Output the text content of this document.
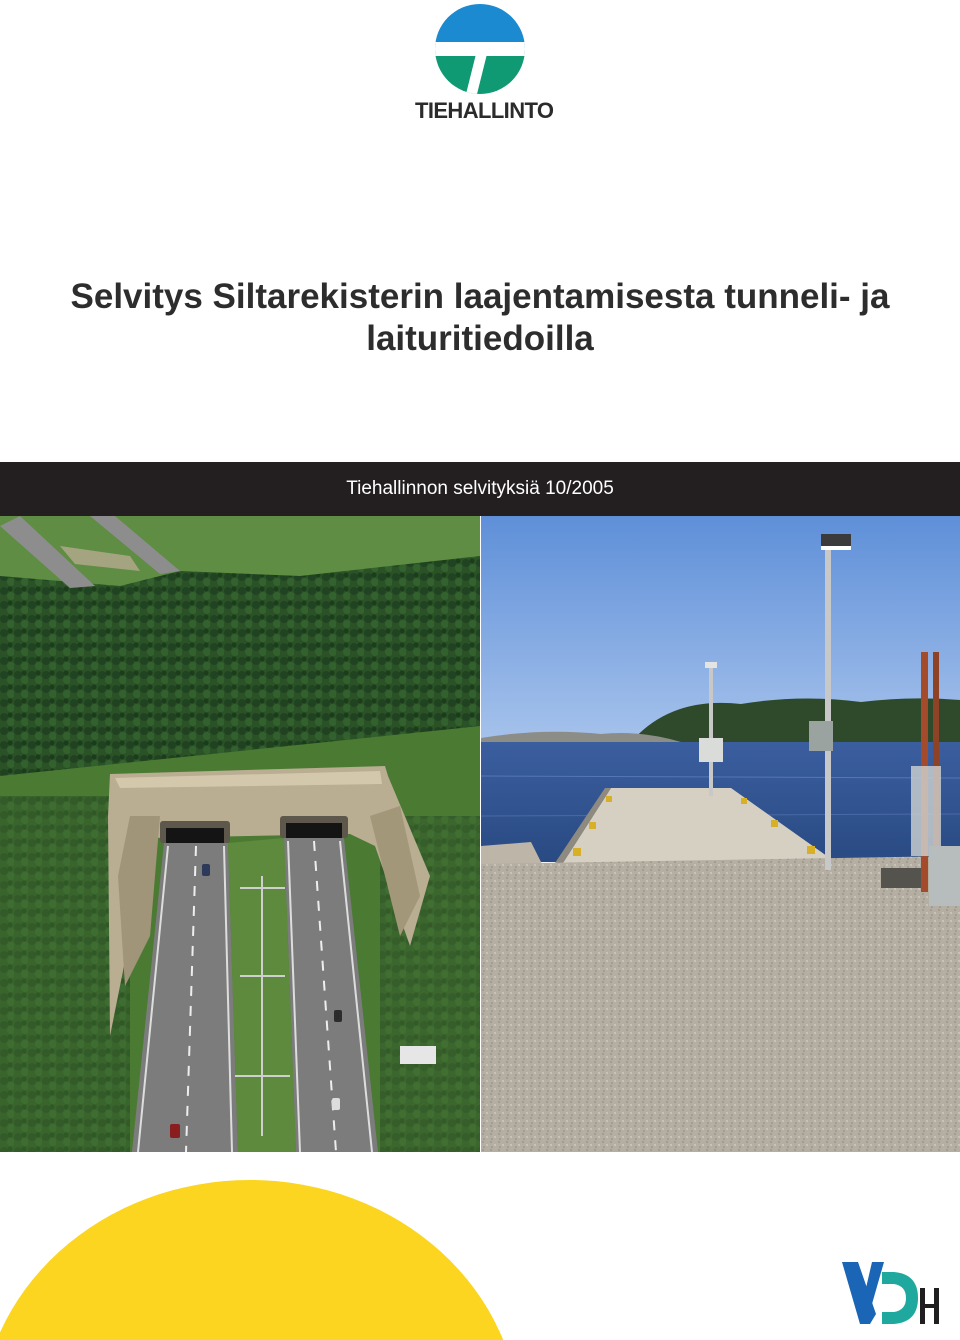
TIEHALLINTO
Selvitys Siltarekisterin laajentamisesta tunneli- ja
laituritiedoilla
Tiehallinnon selvityksiä 10/2005
